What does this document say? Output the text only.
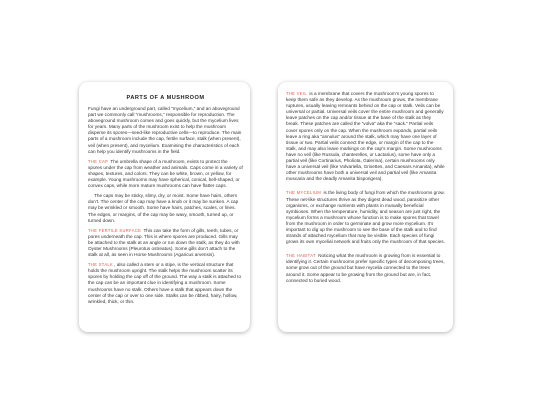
PARTS OF A MUSHROOM

Fungi have an underground part, called “mycelium,” and an aboveground part we commonly call “mushrooms,” responsible for reproduction. The aboveground mushroom comes and goes quickly, but the mycelium lives for years. Many parts of the mushroom exist to help the mushroom disperse its spores—seed-like reproductive cells—to reproduce. The main parts of a mushroom include the cap, fertile surface, stalk (when present), veil (when present), and mycelium. Examining the characteristics of each can help you identify mushrooms in the field.

THE CAP The umbrella shape of a mushroom, exists to protect the spores under the cap from weather and animals. Caps come in a variety of shapes, textures, and colors. They can be white, brown, or yellow, for example. Young mushrooms may have spherical, conical, bell-shaped, or convex caps, while more mature mushrooms can have flatter caps.

The caps may be sticky, slimy, dry, or moist. Some have hairs, others don’t. The center of the cap may have a knob or it may be sunken. A cap may be wrinkled or smooth. Some have hairs, patches, scales, or lines. The edges, or margins, of the cap may be wavy, smooth, turned up, or turned down.

THE FERTILE SURFACE This can take the form of gills, teeth, tubes, or pores underneath the cap. This is where spores are produced. Gills may be attached to the stalk at an angle or run down the stalk, as they do with Oyster Mushrooms (Pleurotus ostreatus). Some gills don’t attach to the stalk at all, as seen in Horse Mushrooms (Agaricus arvensis).

THE STALK, also called a stem or a stipe, is the vertical structure that holds the mushroom upright. The stalk helps the mushroom scatter its spores by holding the cap off of the ground. The way a stalk is attached to the cap can be an important clue in identifying a mushroom. Some mushrooms have no stalk. Others have a stalk that appears down the center of the cap or over to one side. Stalks can be ribbed, hairy, hollow, wrinkled, thick, or thin.

THE VEIL is a membrane that covers the mushroom’s young spores to keep them safe as they develop. As the mushroom grows, the membrane ruptures, usually leaving remnants behind on the cap or stalk. Veils can be universal or partial. Universal veils cover the entire mushroom and generally leave patches on the cap and/or tissue at the base of the stalk as they break. These patches are called the “volva” aka the “sack.” Partial veils cover spores only on the cap. When the mushroom expands, partial veils leave a ring aka “annulus” around the stalk, which may have one layer of tissue or two. Partial veils connect the edge, or margin of the cap to the stalk, and may also leave markings on the cap’s margin. Some mushrooms have no veil (like Russula, chanterelles, or Lactarius), some have only a partial veil (like Cortinarius, Pholiota, Galerina), certain mushrooms only have a universal veil (like Volvariella, Grisettes, and Caesars Amanita), while other mushrooms have both a universal veil and partial veil (like Amanita muscaria and the deadly Amanita bisporigera).

THE MYCELIUM is the living body of fungi from which the mushrooms grow. These net-like structures thrive as they digest dead wood, parasitize other organisms, or exchange nutrients with plants in mutually beneficial symbioses. When the temperature, humidity, and season are just right, the mycelium forms a mushroom whose function is to make spores that travel from the mushroom in order to germinate and grow more mycelium. It’s important to dig up the mushroom to see the base of the stalk and to find strands of attached mycelium that may be visible. Each species of fungi grows its own mycelial network and fruits only the mushroom of that species.

THE HABITAT Noticing what the mushroom is growing from is essential to identifying it. Certain mushrooms prefer specific types of decomposing trees, some grow out of the ground but have mycelia connected to the trees around it. Some appear to be growing from the ground but are, in fact, connected to buried wood.
